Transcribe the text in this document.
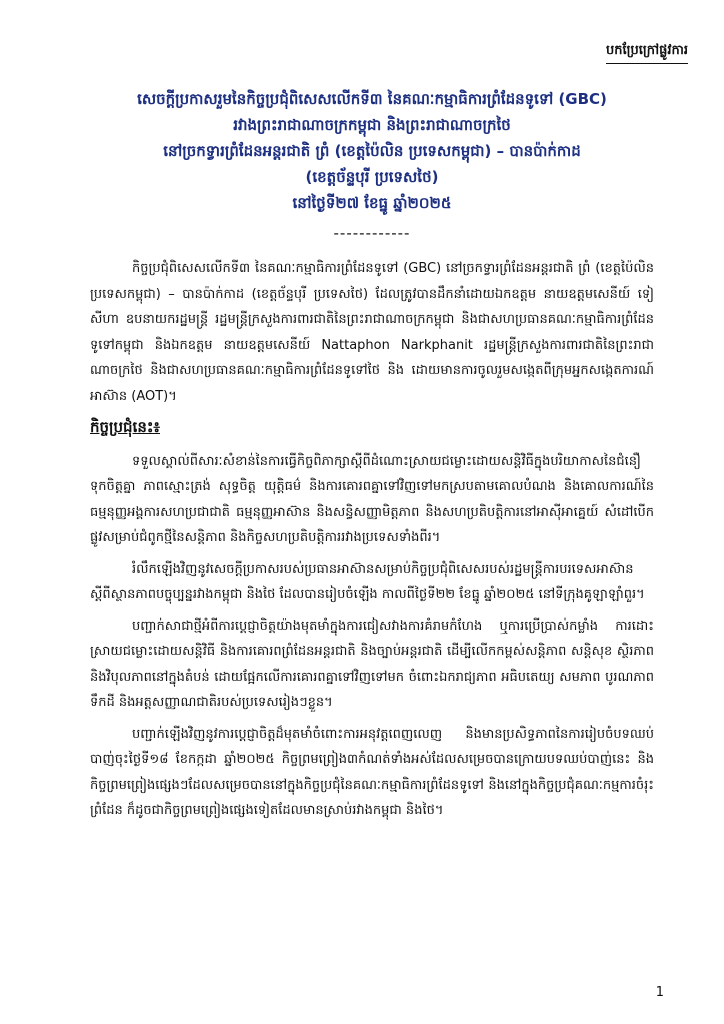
បកប្រែក្រៅផ្លូវការ
សេចក្ដីប្រកាសរួមនៃកិច្ចប្រជុំពិសេសលើកទី៣ នៃគណៈកម្មាធិការព្រំដែនទូទៅ (GBC)
រវាងព្រះរាជាណាចក្រកម្ពុជា និងព្រះរាជាណាចក្រថៃ
នៅច្រកទ្វារព្រំដែនអន្តរជាតិ ព្រំ (ខេត្តប៉ៃលិន ប្រទេសកម្ពុជា) – បានប៉ាក់កាដ
(ខេត្តច័ន្ទបុរី ប្រទេសថៃ)
នៅថ្ងៃទី២៧ ខែធ្នូ ឆ្នាំ២០២៥
------------

កិច្ចប្រជុំពិសេសលើកទី៣ នៃគណៈកម្មាធិការព្រំដែនទូទៅ (GBC) នៅច្រកទ្វារព្រំដែនអន្តរជាតិ ព្រំ (ខេត្តប៉ៃលិន ប្រទេសកម្ពុជា) – បានប៉ាក់កាដ (ខេត្តច័ន្ទបុរី ប្រទេសថៃ) ដែលត្រូវបានដឹកនាំដោយឯកឧត្តម នាយឧត្តមសេនីយ៍ ទៀ សីហា ឧបនាយករដ្ឋមន្ត្រី រដ្ឋមន្ត្រីក្រសួងការពារជាតិនៃព្រះរាជាណាចក្រកម្ពុជា និងជាសហប្រធានគណៈកម្មាធិការព្រំដែនទូទៅកម្ពុជា និងឯកឧត្តម នាយឧត្តមសេនីយ៍ Nattaphon Narkphanit រដ្ឋមន្ត្រីក្រសួងការពារជាតិនៃព្រះរាជាណាចក្រថៃ និងជាសហប្រធានគណៈកម្មាធិការព្រំដែនទូទៅថៃ និង ដោយមានការចូលរួមសង្កេតពីក្រុមអ្នកសង្កេតការណ៍អាស៊ាន (AOT)។

កិច្ចប្រជុំនេះ៖

ទទួលស្គាល់ពីសារៈសំខាន់នៃការធ្វើកិច្ចពិភាក្សាស្ដីពីដំណោះស្រាយជម្លោះដោយសន្តិវិធីក្នុងបរិយាកាសនៃជំនឿទុកចិត្តគ្នា ភាពស្មោះត្រង់ សុទ្ធចិត្ត យុត្តិធម៌ និងការគោរពគ្នាទៅវិញទៅមកស្របតាមគោលបំណង និងគោលការណ៍នៃធម្មនុញ្ញអង្គការសហប្រជាជាតិ ធម្មនុញ្ញអាស៊ាន និងសន្ធិសញ្ញាមិត្តភាព និងសហប្រតិបត្តិការនៅអាស៊ីអាគ្នេយ៍ សំដៅបើកផ្លូវសម្រាប់ជំពូកថ្មីនៃសន្តិភាព និងកិច្ចសហប្រតិបត្តិការរវាងប្រទេសទាំងពីរ។

រំលឹកឡើងវិញនូវសេចក្ដីប្រកាសរបស់ប្រធានអាស៊ានសម្រាប់កិច្ចប្រជុំពិសេសរបស់រដ្ឋមន្ត្រីការបរទេសអាស៊ាន ស្ដីពីស្ថានភាពបច្ចុប្បន្នរវាងកម្ពុជា និងថៃ ដែលបានរៀបចំឡើង កាលពីថ្ងៃទី២២ ខែធ្នូ ឆ្នាំ២០២៥ នៅទីក្រុងគូឡាឡាំពួរ។

បញ្ជាក់សាជាថ្មីអំពីការប្ដេជ្ញាចិត្តយ៉ាងមុតមាំក្នុងការជៀសវាងការគំរាមកំហែង ឬការប្រើប្រាស់កម្លាំង ការដោះស្រាយជម្លោះដោយសន្តិវិធី និងការគោរពព្រំដែនអន្តរជាតិ និងច្បាប់អន្តរជាតិ ដើម្បីលើកកម្ពស់សន្តិភាព សន្តិសុខ ស្ថិរភាព និងវិបុលភាពនៅក្នុងតំបន់ ដោយផ្អែកលើការគោរពគ្នាទៅវិញទៅមក ចំពោះឯករាជ្យភាព អធិបតេយ្យ សមភាព បូរណភាពទឹកដី និងអត្តសញ្ញាណជាតិរបស់ប្រទេសរៀងៗខ្លួន។

បញ្ជាក់ឡើងវិញនូវការប្ដេជ្ញាចិត្តដ៏មុតមាំចំពោះការអនុវត្តពេញលេញ និងមានប្រសិទ្ធភាពនៃការរៀបចំបទឈប់បាញ់ចុះថ្ងៃទី១៨ ខែកក្កដា ឆ្នាំ២០២៥ កិច្ចព្រមព្រៀង៣កំណត់ទាំងអស់ដែលសម្រេចបានក្រោយបទឈប់បាញ់នេះ និងកិច្ចព្រមព្រៀងផ្សេងៗដែលសម្រេចបាននៅក្នុងកិច្ចប្រជុំនៃគណៈកម្មាធិការព្រំដែនទូទៅ និងនៅក្នុងកិច្ចប្រជុំគណៈកម្មការចំរុះព្រំដែន ក៏ដូចជាកិច្ចព្រមព្រៀងផ្សេងទៀតដែលមានស្រាប់រវាងកម្ពុជា និងថៃ។

1
